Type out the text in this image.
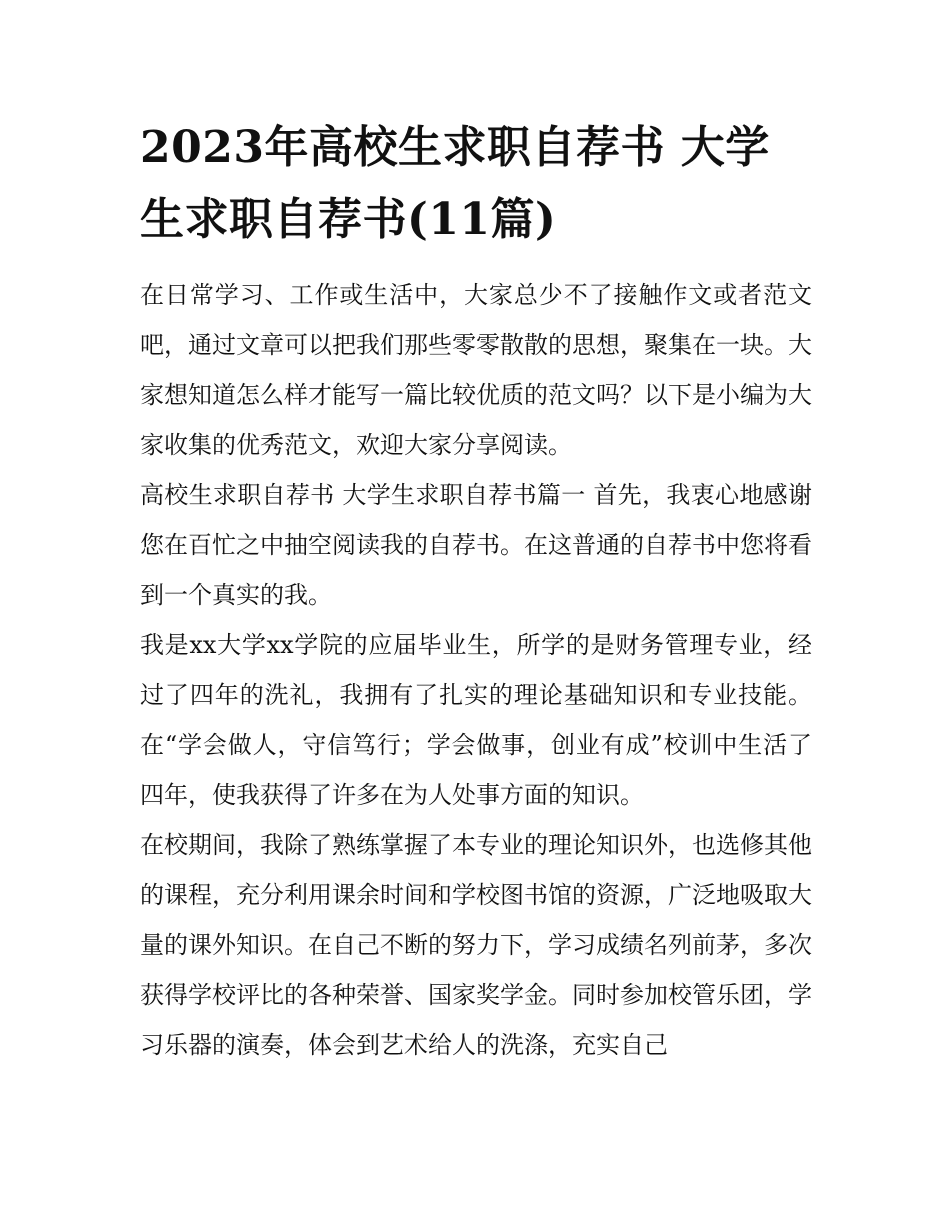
2023年高校生求职自荐书 大学生求职自荐书(11篇)

在日常学习、工作或生活中，大家总少不了接触作文或者范文吧，通过文章可以把我们那些零零散散的思想，聚集在一块。大家想知道怎么样才能写一篇比较优质的范文吗？以下是小编为大家收集的优秀范文，欢迎大家分享阅读。

高校生求职自荐书 大学生求职自荐书篇一 首先，我衷心地感谢您在百忙之中抽空阅读我的自荐书。在这普通的自荐书中您将看到一个真实的我。

我是xx大学xx学院的应届毕业生，所学的是财务管理专业，经过了四年的洗礼，我拥有了扎实的理论基础知识和专业技能。在“学会做人，守信笃行；学会做事，创业有成”校训中生活了四年，使我获得了许多在为人处事方面的知识。

在校期间，我除了熟练掌握了本专业的理论知识外，也选修其他的课程，充分利用课余时间和学校图书馆的资源，广泛地吸取大量的课外知识。在自己不断的努力下，学习成绩名列前茅，多次获得学校评比的各种荣誉、国家奖学金。同时参加校管乐团，学习乐器的演奏，体会到艺术给人的洗涤，充实自己
